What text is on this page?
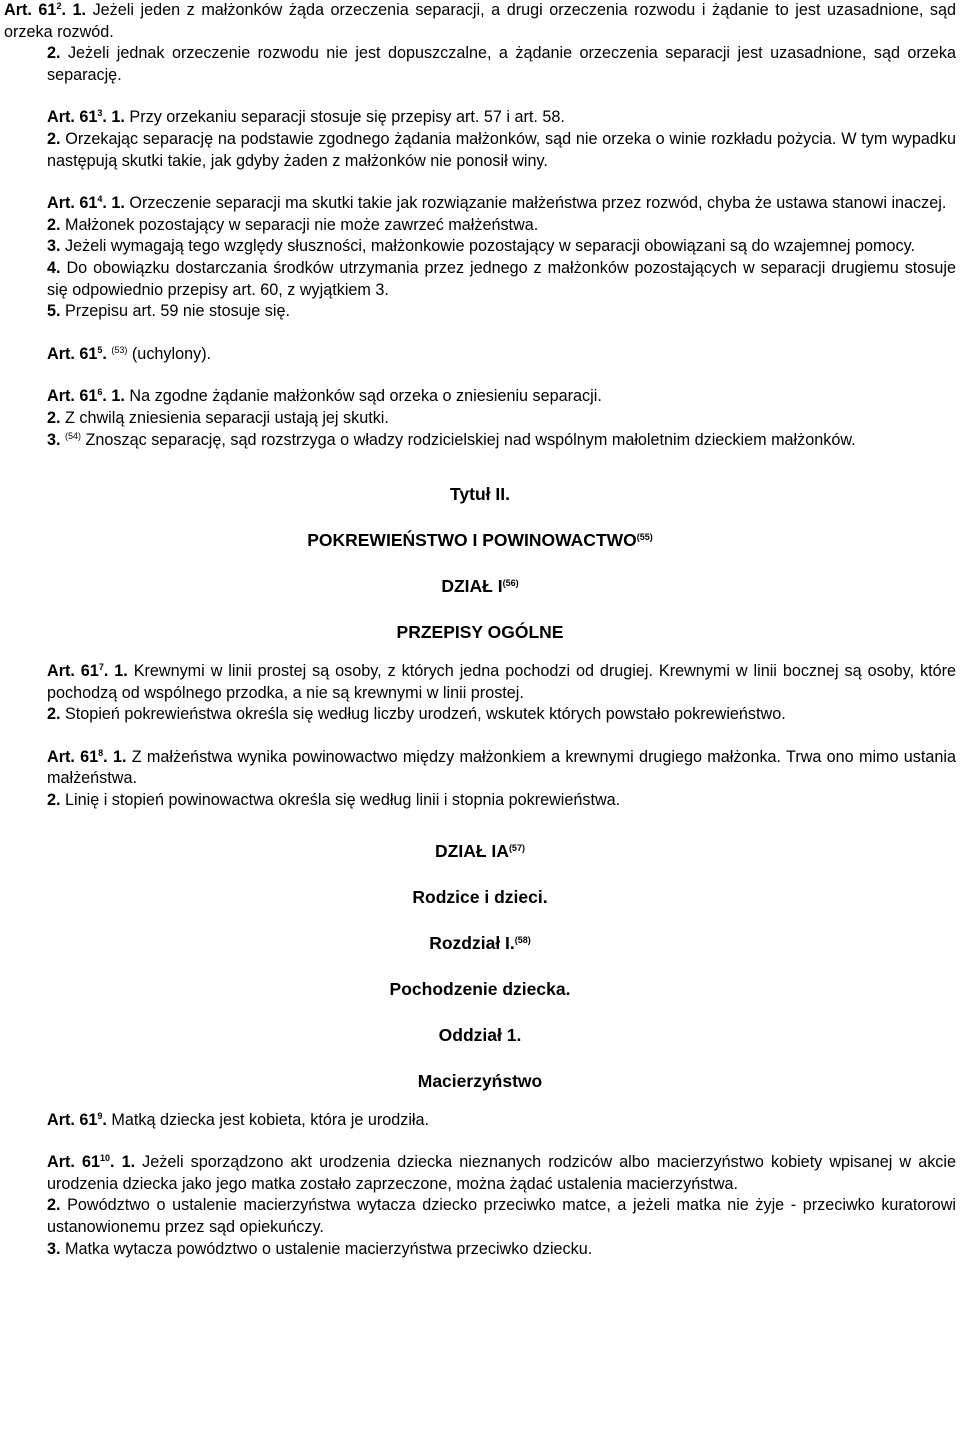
Art. $61^2$. 1. Jeżeli jeden z małżonków żąda orzeczenia separacji, a drugi orzeczenia rozwodu i żądanie to jest uzasadnione, sąd orzeka rozwód.

2. Jeżeli jednak orzeczenie rozwodu nie jest dopuszczalne, a żądanie orzeczenia separacji jest uzasadnione, sąd orzeka separację.

Art. $61^3$. 1. Przy orzekaniu separacji stosuje się przepisy art. 57 i art. 58.

2. Orzekając separację na podstawie zgodnego żądania małżonków, sąd nie orzeka o winie rozkładu pożycia. W tym wypadku następują skutki takie, jak gdyby żaden z małżonków nie ponosił winy.

Art. $61^4$. 1. Orzeczenie separacji ma skutki takie jak rozwiązanie małżeństwa przez rozwód, chyba że ustawa stanowi inaczej.

2. Małżonek pozostający w separacji nie może zawrzeć małżeństwa.

3. Jeżeli wymagają tego względy słuszności, małżonkowie pozostający w separacji obowiązani są do wzajemnej pomocy.

4. Do obowiązku dostarczania środków utrzymania przez jednego z małżonków pozostających w separacji drugiemu stosuje się odpowiednio przepisy art. 60, z wyjątkiem 3.

5. Przepisu art. 59 nie stosuje się.

Art. $61^5$. $^{(53)}$ (uchylony).

Art. $61^6$. 1. Na zgodne żądanie małżonków sąd orzeka o zniesieniu separacji.

2. Z chwilą zniesienia separacji ustają jej skutki.

3. $^{(54)}$ Znosząc separację, sąd rozstrzyga o władzy rodzicielskiej nad wspólnym małoletnim dzieckiem małżonków.

Tytuł II.

POKREWIEŃSTWO I POWINOWACTWO$^{(55)}$

DZIAŁ $I^{(56)}$

PRZEPISY OGÓLNE

Art. $61^7$. 1. Krewnymi w linii prostej są osoby, z których jedna pochodzi od drugiej. Krewnymi w linii bocznej są osoby, które pochodzą od wspólnego przodka, a nie są krewnymi w linii prostej.

2. Stopień pokrewieństwa określa się według liczby urodzeń, wskutek których powstało pokrewieństwo.

Art. $61^8$. 1. Z małżeństwa wynika powinowactwo między małżonkiem a krewnymi drugiego małżonka. Trwa ono mimo ustania małżeństwa.

2. Linię i stopień powinowactwa określa się według linii i stopnia pokrewieństwa.

DZIAŁ IA$^{(57)}$

Rodzice i dzieci.

Rozdział I.$^{(58)}$

Pochodzenie dziecka.

Oddział 1.

Macierzyństwo

Art. $61^9$. Matką dziecka jest kobieta, która je urodziła.

Art. $61^{10}$. 1. Jeżeli sporządzono akt urodzenia dziecka nieznanych rodziców albo macierzyństwo kobiety wpisanej w akcie urodzenia dziecka jako jego matka zostało zaprzeczone, można żądać ustalenia macierzyństwa.

2. Powództwo o ustalenie macierzyństwa wytacza dziecko przeciwko matce, a jeżeli matka nie żyje - przeciwko kuratorowi ustanowionemu przez sąd opiekuńczy.

3. Matka wytacza powództwo o ustalenie macierzyństwa przeciwko dziecku.
